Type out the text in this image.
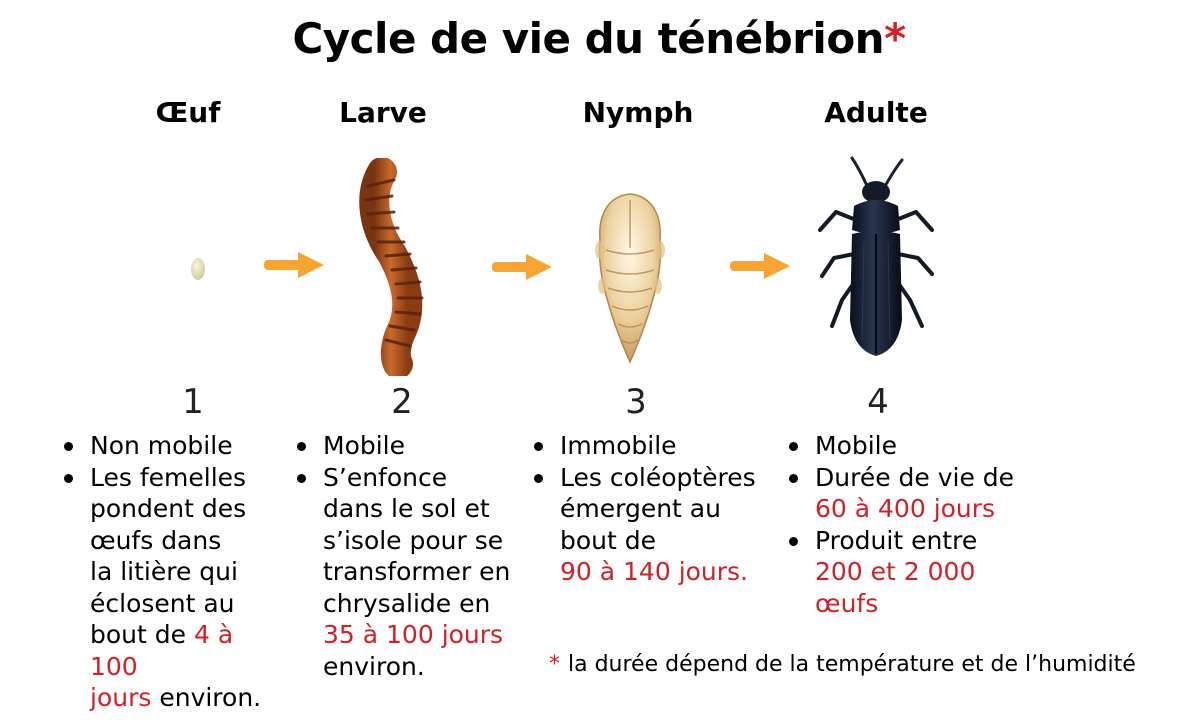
Cycle de vie du ténébrion*
Œuf	Larve	Nymph	Adulte
1	2	3	4
Non mobile
Les femelles
pondent des
œufs dans
la litière qui
éclosent au
bout de 4 à 100
jours environ.
Mobile
S’enfonce
dans le sol et
s’isole pour se
transformer en
chrysalide en
35 à 100 jours
environ.
Immobile
Les coléoptères
émergent au
bout de
90 à 140 jours.
Mobile
Durée de vie de
60 à 400 jours
Produit entre
200 et 2 000
œufs
* la durée dépend de la température et de l’humidité
